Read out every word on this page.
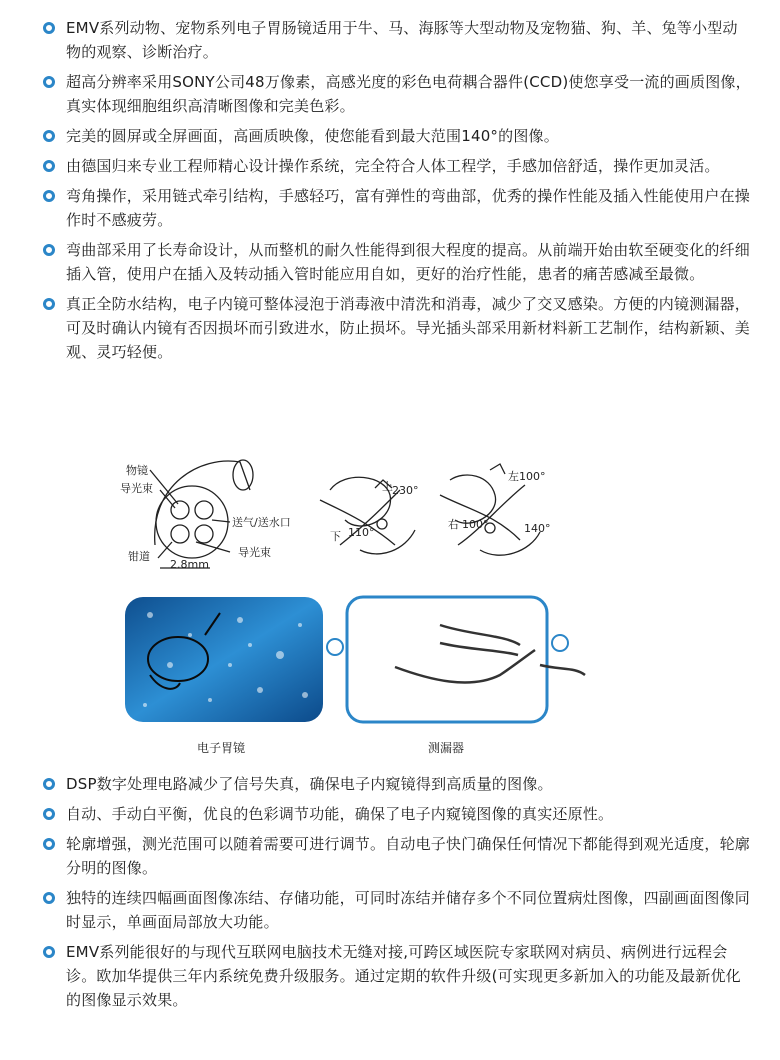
EMV系列动物、宠物系列电子胃肠镜适用于牛、马、海豚等大型动物及宠物猫、狗、羊、兔等小型动物的观察、诊断治疗。
超高分辨率采用SONY公司48万像素，高感光度的彩色电荷耦合器件(CCD)使您享受一流的画质图像，真实体现细胞组织高清晰图像和完美色彩。
完美的圆屏或全屏画面，高画质映像，使您能看到最大范围140°的图像。
由德国归来专业工程师精心设计操作系统，完全符合人体工程学，手感加倍舒适，操作更加灵活。
弯角操作，采用链式牵引结构，手感轻巧，富有弹性的弯曲部，优秀的操作性能及插入性能使用户在操作时不感疲劳。
弯曲部采用了长寿命设计，从而整机的耐久性能得到很大程度的提高。从前端开始由软至硬变化的纤细插入管，使用户在插入及转动插入管时能应用自如，更好的治疗性能，患者的痛苦感减至最微。
真正全防水结构，电子内镜可整体浸泡于消毒液中清洗和消毒，减少了交叉感染。方便的内镜测漏器，可及时确认内镜有否因损坏而引致进水，防止损坏。导光插头部采用新材料新工艺制作，结构新颖、美观、灵巧轻便。
物镜
导光束
送气/送水口
导光束
钳道
2.8mm
230°
上
110°
下
左100°
右 100°	140°
电子胃镜	测漏器
DSP数字处理电路减少了信号失真，确保电子内窥镜得到高质量的图像。
自动、手动白平衡，优良的色彩调节功能，确保了电子内窥镜图像的真实还原性。
轮廓增强，测光范围可以随着需要可进行调节。自动电子快门确保任何情况下都能得到观光适度，轮廓分明的图像。
独特的连续四幅画面图像冻结、存储功能，可同时冻结并储存多个不同位置病灶图像，四副画面图像同时显示，单画面局部放大功能。
EMV系列能很好的与现代互联网电脑技术无缝对接,可跨区域医院专家联网对病员、病例进行远程会诊。欧加华提供三年内系统免费升级服务。通过定期的软件升级(可实现更多新加入的功能及最新优化的图像显示效果。
